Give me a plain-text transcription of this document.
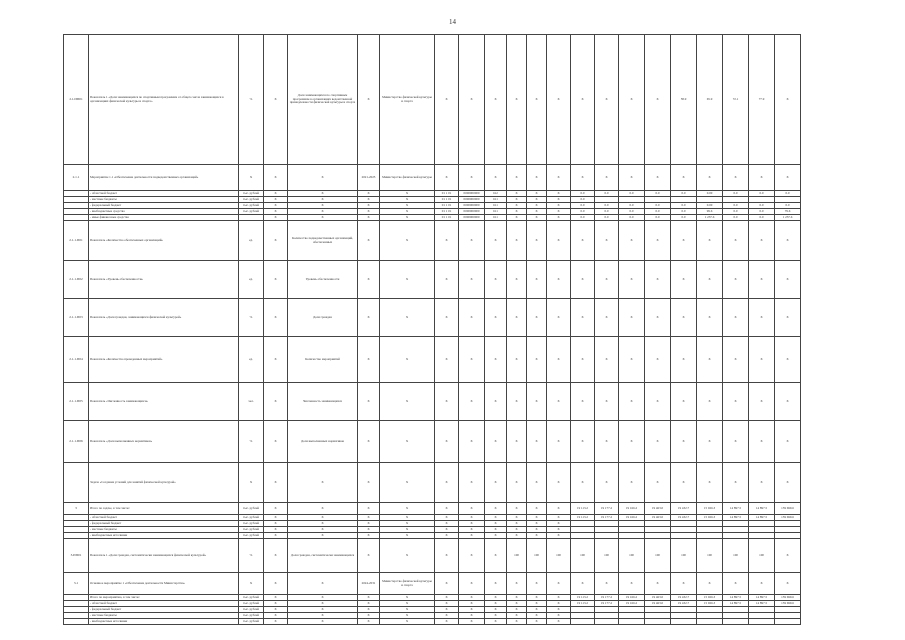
14
2.1.ИП01	Показатель 1 «Доля занимающихся по спортивным программам от общего числа занимающихся в организациях физической культуры и спорта»	%	X	Доля занимающихся по спортивным программам в организациях ведомственной принадлежности физической культуры и спорта	X	Министерство физической культуры и спорта	X	X	X	X	X	X	X	X	X	X	58.9	65.9	72.1	77.9	X
2.1.1	Мероприятие 1.1 «Обеспечение деятельности подведомственных организаций»	X	X	X	2021-2025	Министерство физической культуры	X	X	X	X	X	X	X	X	X	X	X	X	X	X	X
	- областной бюджет	тыс. рублей	X	X	X	X	01 1 01	0000000000	612	X	X	X	0.0	0.0	0.0	0.0	0.0	0.00	0.0	0.0	0.0
	- местные бюджеты	тыс. рублей	X	X	X	X	01 1 01	0000000000	611	X	X	X	0.0								
	- федеральный бюджет	тыс. рублей	X	X	X	X	01 1 01	0000000000	611	X	X	X	0.0	0.0	0.0	0.0	0.0	0.00	0.0	0.0	0.0
	- внебюджетные средства	тыс. рублей	X	X	X	X	01 1 01	0000000000	611	X	X	X	0.0	0.0	0.0	0.0	0.0	99.6	0.0	0.0	79.6
	- иные финансовые средства		X	X	X	X	01 1 01	0000000000	611	X	X	X	0.0	0.0	0.0	0.0	0.0	1 237.6	0.0	0.0	1 237.6
2.1.1.П01	Показатель «Количество обеспеченных организаций»	ед.	X	Количество подведомственных организаций, обеспеченных	X	X	X	X	X	X	X	X	X	X	X	X	X	X	X	X	X
2.1.1.П02	Показатель «Уровень обеспеченности»	ед.	X	Уровень обеспеченности	X	X	X	X	X	X	X	X	X	X	X	X	X	X	X	X	X
2.1.1.П03	Показатель «Доля граждан, занимающихся физической культурой»	%	X	Доля граждан	X	X	X	X	X	X	X	X	X	X	X	X	X	X	X	X	X
2.1.1.П04	Показатель «Количество проведенных мероприятий»	ед.	X	Количество мероприятий	X	X	X	X	X	X	X	X	X	X	X	X	X	X	X	X	X
2.1.1.П05	Показатель «Численность занимающихся»	чел.	X	Численность занимающихся	X	X	X	X	X	X	X	X	X	X	X	X	X	X	X	X	X
2.1.1.П06	Показатель «Доля выполненных нормативов»	%	X	Доля выполненных нормативов	X	X	X	X	X	X	X	X	X	X	X	X	X	X	X	X	X
	Задача «Создание условий для занятий физической культурой»	X	X	X	X	X	X	X	X	X	X	X	X	X	X	X	X	X	X	X	X
3	Итого по задаче, в том числе:	тыс. рублей	X	X	X	X	X	X	X	X	X	X	19 113.2	19 177.2	19 166.2	19 463.0	19 432.7	15 026.3	14 897.5	14 897.5	159 699.6
	- областной бюджет	тыс. рублей	X	X	X	X	X	X	X	X	X	X	19 113.2	19 177.2	19 166.2	19 463.0	19 432.7	15 026.3	14 897.5	14 897.5	159 699.6
	- федеральный бюджет	тыс. рублей	X	X	X	X	X	X	X	X	X	X									
	- местные бюджеты	тыс. рублей	X	X	X	X	X	X	X	X	X	X									
	- внебюджетные источники	тыс. рублей	X	X	X	X	X	X	X	X	X	X									
3.ИП01	Показатель 1 «Доля граждан, систематически занимающихся физической культурой»	%	X	Доля граждан, систематически занимающихся	X	X	X	X	X	100	100	100	100	100	100	100	100	100	100	100	X
3.1	Основное мероприятие 1 «Обеспечение деятельности Министерства»	X	X	X	2024-2031	Министерство физической культуры и спорта	X	X	X	X	X	X	X	X	X	X	X	X	X	X	X
	Итого по мероприятию, в том числе:	тыс. рублей	X	X	X	X	X	X	X	X	X	X	19 113.2	19 177.2	19 166.2	19 463.0	19 432.7	15 026.3	14 897.5	14 897.5	159 699.6
	- областной бюджет	тыс. рублей	X	X	X	X	X	X	X	X	X	X	19 113.2	19 177.2	19 166.2	19 463.0	19 432.7	15 026.3	14 897.5	14 897.5	159 699.6
	- федеральный бюджет	тыс. рублей	X	X	X	X	X	X	X	X	X	X									
	- местные бюджеты	тыс. рублей	X	X	X	X	X	X	X	X	X	X									
	- внебюджетные источники	тыс. рублей	X	X	X	X	X	X	X	X	X	X									
